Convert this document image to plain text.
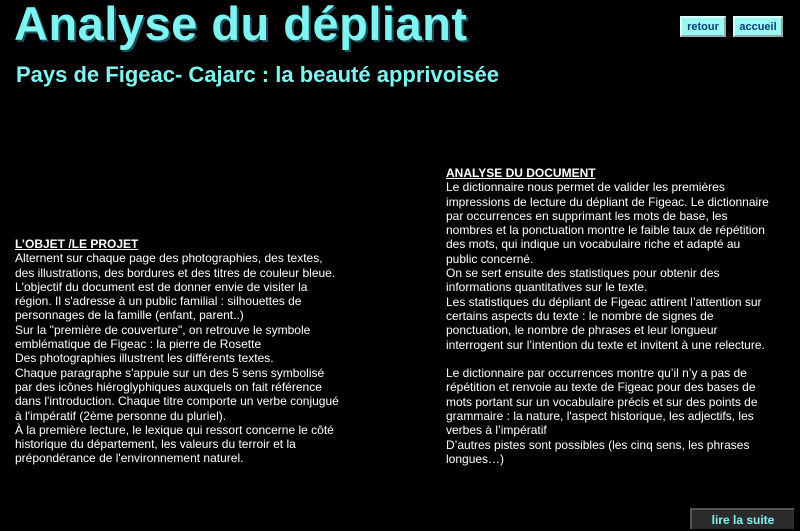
Analyse du dépliant
Pays de Figeac- Cajarc : la beauté apprivoisée
retour	accueil
L’OBJET /LE PROJET
Alternent sur chaque page des photographies, des textes,
des illustrations, des bordures et des titres de couleur bleue.
L'objectif du document est de donner envie de visiter la
région. Il s'adresse à un public familial : silhouettes de
personnages de la famille (enfant, parent..)
Sur la "première de couverture", on retrouve le symbole
emblématique de Figeac : la pierre de Rosette
Des photographies illustrent les différents textes.
Chaque paragraphe s'appuie sur un des 5 sens symbolisé
par des icônes hiéroglyphiques auxquels on fait référence
dans l'introduction. Chaque titre comporte un verbe conjugué
à l'impératif (2ème personne du pluriel).
À la première lecture, le lexique qui ressort concerne le côté
historique du département, les valeurs du terroir et la
prépondérance de l'environnement naturel.
ANALYSE DU DOCUMENT
Le dictionnaire nous permet de valider les premières
impressions de lecture du dépliant de Figeac. Le dictionnaire
par occurrences en supprimant les mots de base, les
nombres et la ponctuation montre le faible taux de répétition
des mots, qui indique un vocabulaire riche et adapté au
public concerné.
On se sert ensuite des statistiques pour obtenir des
informations quantitatives sur le texte.
Les statistiques du dépliant de Figeac attirent l’attention sur
certains aspects du texte : le nombre de signes de
ponctuation, le nombre de phrases et leur longueur
interrogent sur l’intention du texte et invitent à une relecture.
Le dictionnaire par occurrences montre qu’il n’y a pas de
répétition et renvoie au texte de Figeac pour des bases de
mots portant sur un vocabulaire précis et sur des points de
grammaire : la nature, l'aspect historique, les adjectifs, les
verbes à l’impératif
D’autres pistes sont possibles (les cinq sens, les phrases
longues…)
lire la suite
